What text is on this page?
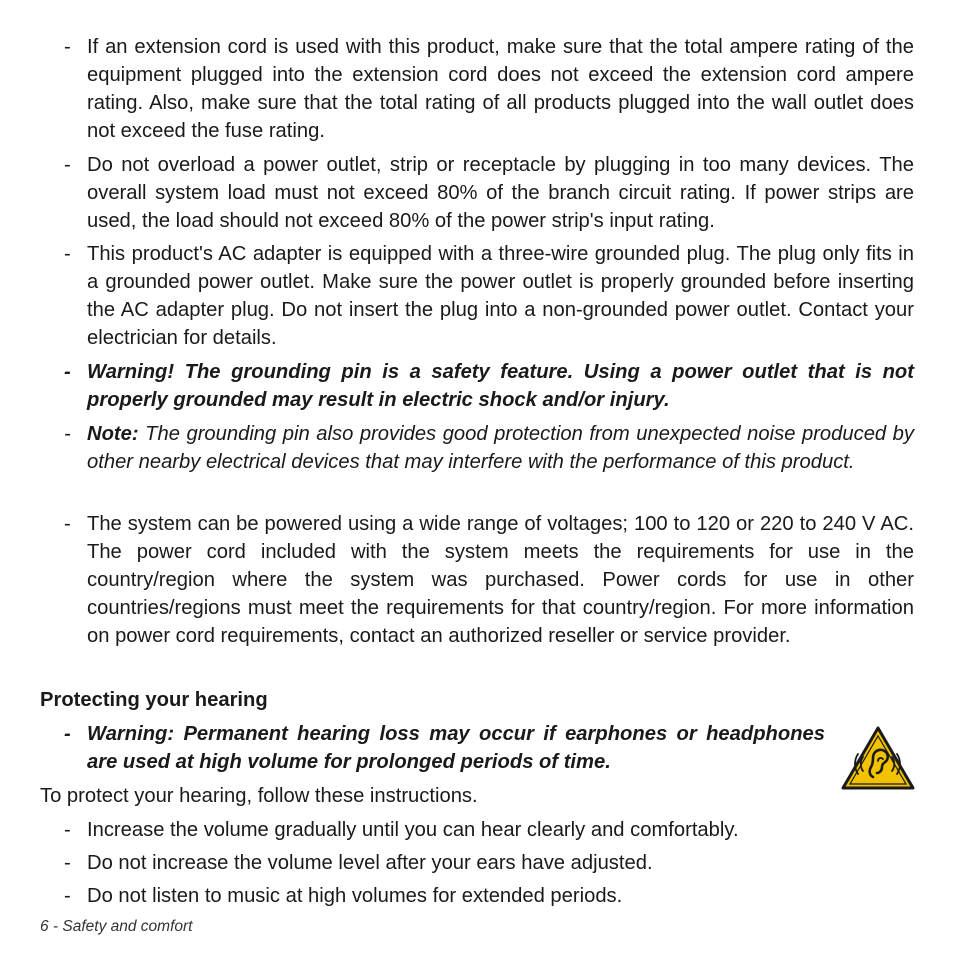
- If an extension cord is used with this product, make sure that the total ampere rating of the equipment plugged into the extension cord does not exceed the extension cord ampere rating. Also, make sure that the total rating of all products plugged into the wall outlet does not exceed the fuse rating.
- Do not overload a power outlet, strip or receptacle by plugging in too many devices. The overall system load must not exceed 80% of the branch circuit rating. If power strips are used, the load should not exceed 80% of the power strip's input rating.
- This product's AC adapter is equipped with a three-wire grounded plug. The plug only fits in a grounded power outlet. Make sure the power outlet is properly grounded before inserting the AC adapter plug. Do not insert the plug into a non-grounded power outlet. Contact your electrician for details.
- Warning! The grounding pin is a safety feature. Using a power outlet that is not properly grounded may result in electric shock and/or injury.
- Note: The grounding pin also provides good protection from unexpected noise produced by other nearby electrical devices that may interfere with the performance of this product.
- The system can be powered using a wide range of voltages; 100 to 120 or 220 to 240 V AC. The power cord included with the system meets the requirements for use in the country/region where the system was purchased. Power cords for use in other countries/regions must meet the requirements for that country/region. For more information on power cord requirements, contact an authorized reseller or service provider.
Protecting your hearing
- Warning: Permanent hearing loss may occur if earphones or headphones are used at high volume for prolonged periods of time.
To protect your hearing, follow these instructions.
- Increase the volume gradually until you can hear clearly and comfortably.
- Do not increase the volume level after your ears have adjusted.
- Do not listen to music at high volumes for extended periods.
6 - Safety and comfort
